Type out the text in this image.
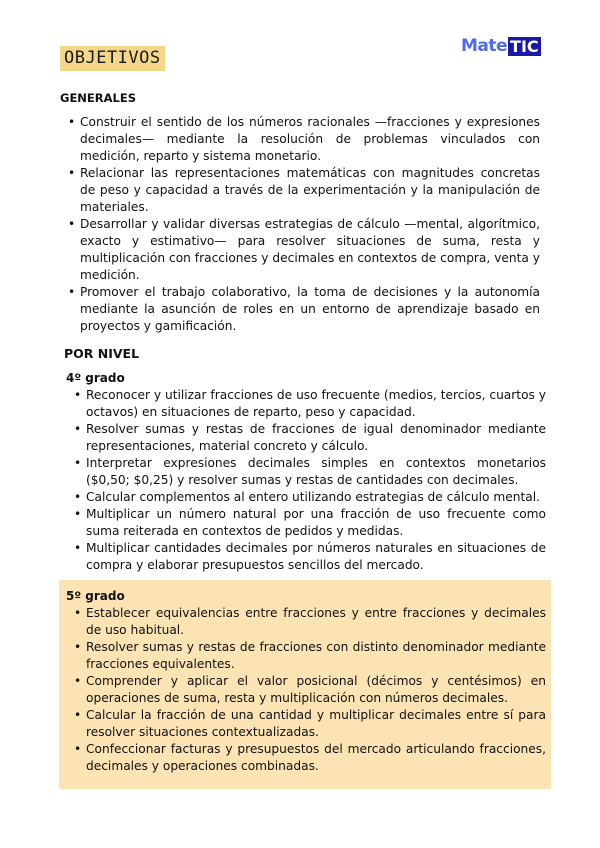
OBJETIVOS
Mate TIC
GENERALES
• Construir el sentido de los números racionales —fracciones y expresiones decimales— mediante la resolución de problemas vinculados con medición, reparto y sistema monetario.
• Relacionar las representaciones matemáticas con magnitudes concretas de peso y capacidad a través de la experimentación y la manipulación de materiales.
• Desarrollar y validar diversas estrategias de cálculo —mental, algorítmico, exacto y estimativo— para resolver situaciones de suma, resta y multiplicación con fracciones y decimales en contextos de compra, venta y medición.
• Promover el trabajo colaborativo, la toma de decisiones y la autonomía mediante la asunción de roles en un entorno de aprendizaje basado en proyectos y gamificación.
POR NIVEL
4º grado
• Reconocer y utilizar fracciones de uso frecuente (medios, tercios, cuartos y octavos) en situaciones de reparto, peso y capacidad.
• Resolver sumas y restas de fracciones de igual denominador mediante representaciones, material concreto y cálculo.
• Interpretar expresiones decimales simples en contextos monetarios ($0,50; $0,25) y resolver sumas y restas de cantidades con decimales.
• Calcular complementos al entero utilizando estrategias de cálculo mental.
• Multiplicar un número natural por una fracción de uso frecuente como suma reiterada en contextos de pedidos y medidas.
• Multiplicar cantidades decimales por números naturales en situaciones de compra y elaborar presupuestos sencillos del mercado.
5º grado
• Establecer equivalencias entre fracciones y entre fracciones y decimales de uso habitual.
• Resolver sumas y restas de fracciones con distinto denominador mediante fracciones equivalentes.
• Comprender y aplicar el valor posicional (décimos y centésimos) en operaciones de suma, resta y multiplicación con números decimales.
• Calcular la fracción de una cantidad y multiplicar decimales entre sí para resolver situaciones contextualizadas.
• Confeccionar facturas y presupuestos del mercado articulando fracciones, decimales y operaciones combinadas.
